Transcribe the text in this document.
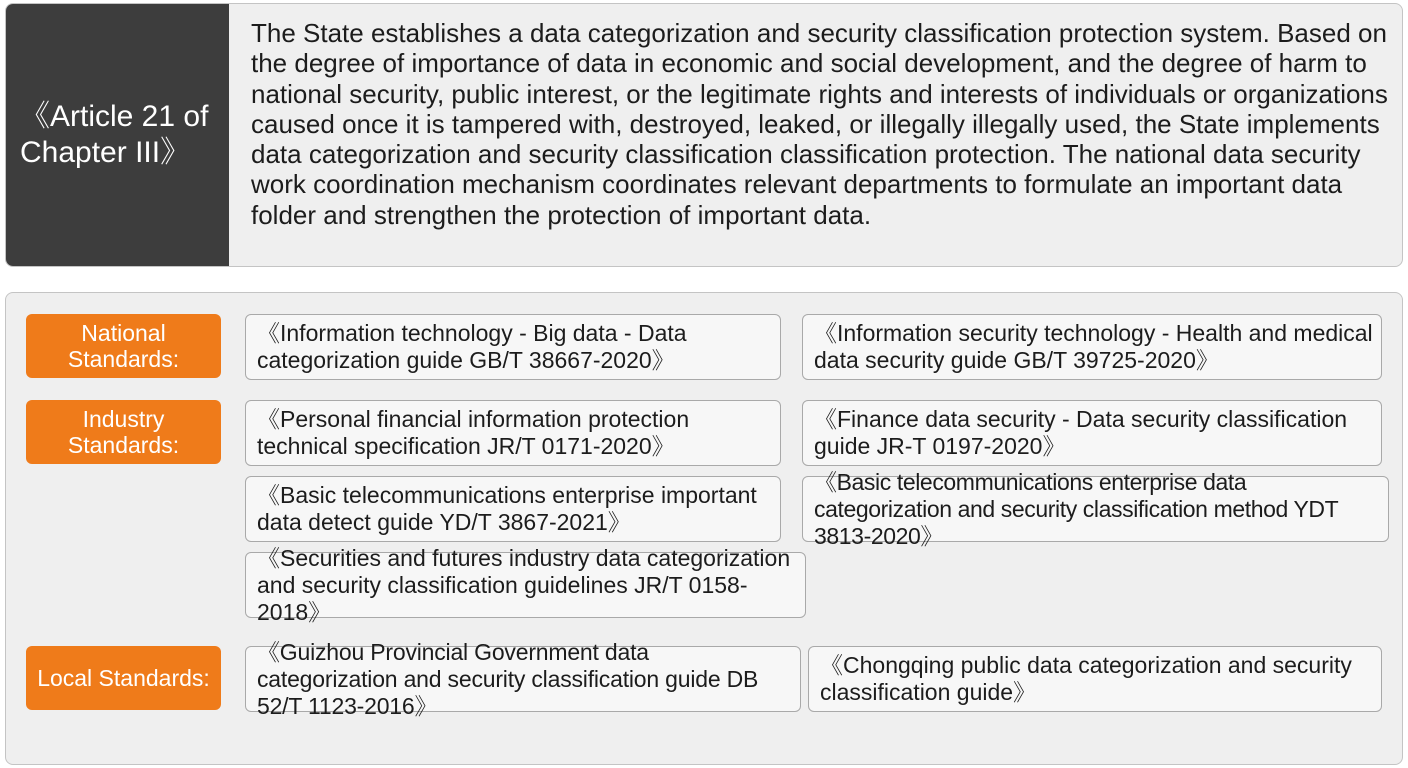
《Article 21 of Chapter III》
The State establishes a data categorization and security classification protection system. Based on the degree of importance of data in economic and social development, and the degree of harm to national security, public interest, or the legitimate rights and interests of individuals or organizations caused once it is tampered with, destroyed, leaked, or illegally illegally used, the State implements data categorization and security classification classification protection. The national data security work coordination mechanism coordinates relevant departments to formulate an important data folder and strengthen the protection of important data.
National Standards:
Industry Standards:
Local Standards:
《Information technology - Big data - Data categorization guide GB/T 38667-2020》
《Information security technology - Health and medical data security guide GB/T 39725-2020》
《Personal financial information protection technical specification JR/T 0171-2020》
《Finance data security - Data security classification guide JR-T 0197-2020》
《Basic telecommunications enterprise important data detect guide YD/T 3867-2021》
《Basic telecommunications enterprise data categorization and security classification method YDT 3813-2020》
《Securities and futures industry data categorization and security classification guidelines JR/T 0158-2018》
《Guizhou Provincial Government data categorization and security classification guide DB 52/T 1123-2016》
《Chongqing public data categorization and security classification guide》
